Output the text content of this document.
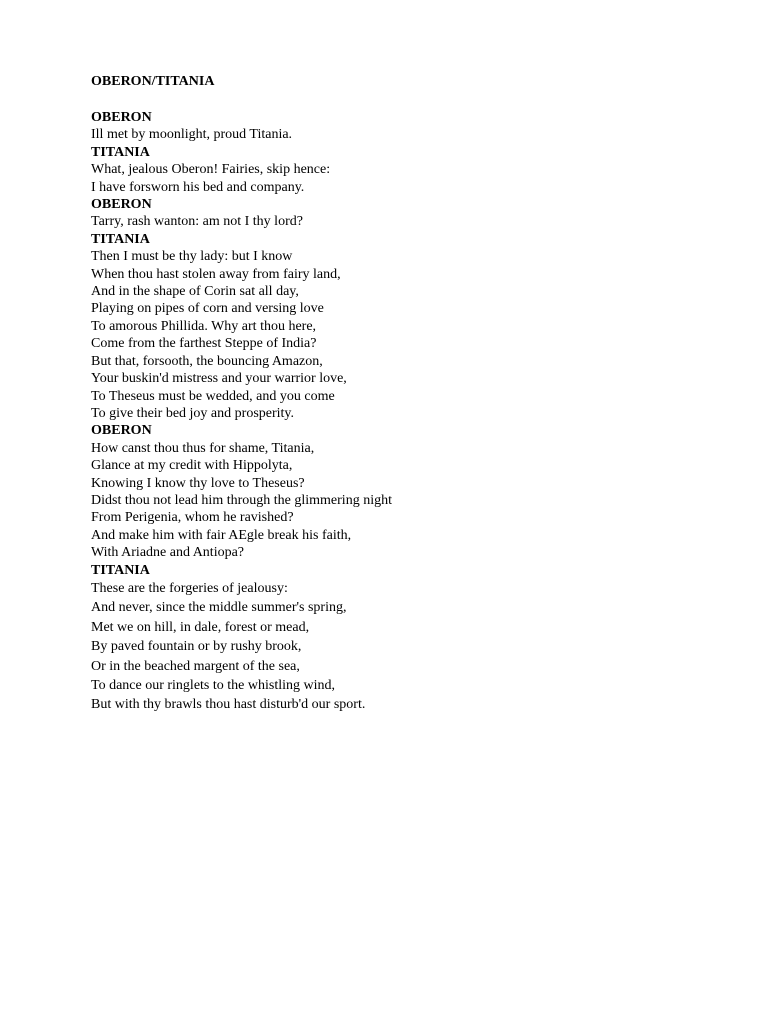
OBERON/TITANIA

OBERON

Ill met by moonlight, proud Titania.

TITANIA

What, jealous Oberon! Fairies, skip hence:

I have forsworn his bed and company.

OBERON

Tarry, rash wanton: am not I thy lord?

TITANIA

Then I must be thy lady: but I know

When thou hast stolen away from fairy land,

And in the shape of Corin sat all day,

Playing on pipes of corn and versing love

To amorous Phillida. Why art thou here,

Come from the farthest Steppe of India?

But that, forsooth, the bouncing Amazon,

Your buskin'd mistress and your warrior love,

To Theseus must be wedded, and you come

To give their bed joy and prosperity.

OBERON

How canst thou thus for shame, Titania,

Glance at my credit with Hippolyta,

Knowing I know thy love to Theseus?

Didst thou not lead him through the glimmering night

From Perigenia, whom he ravished?

And make him with fair AEgle break his faith,

With Ariadne and Antiopa?

TITANIA

These are the forgeries of jealousy:

And never, since the middle summer's spring,

Met we on hill, in dale, forest or mead,

By paved fountain or by rushy brook,

Or in the beached margent of the sea,

To dance our ringlets to the whistling wind,

But with thy brawls thou hast disturb'd our sport.
